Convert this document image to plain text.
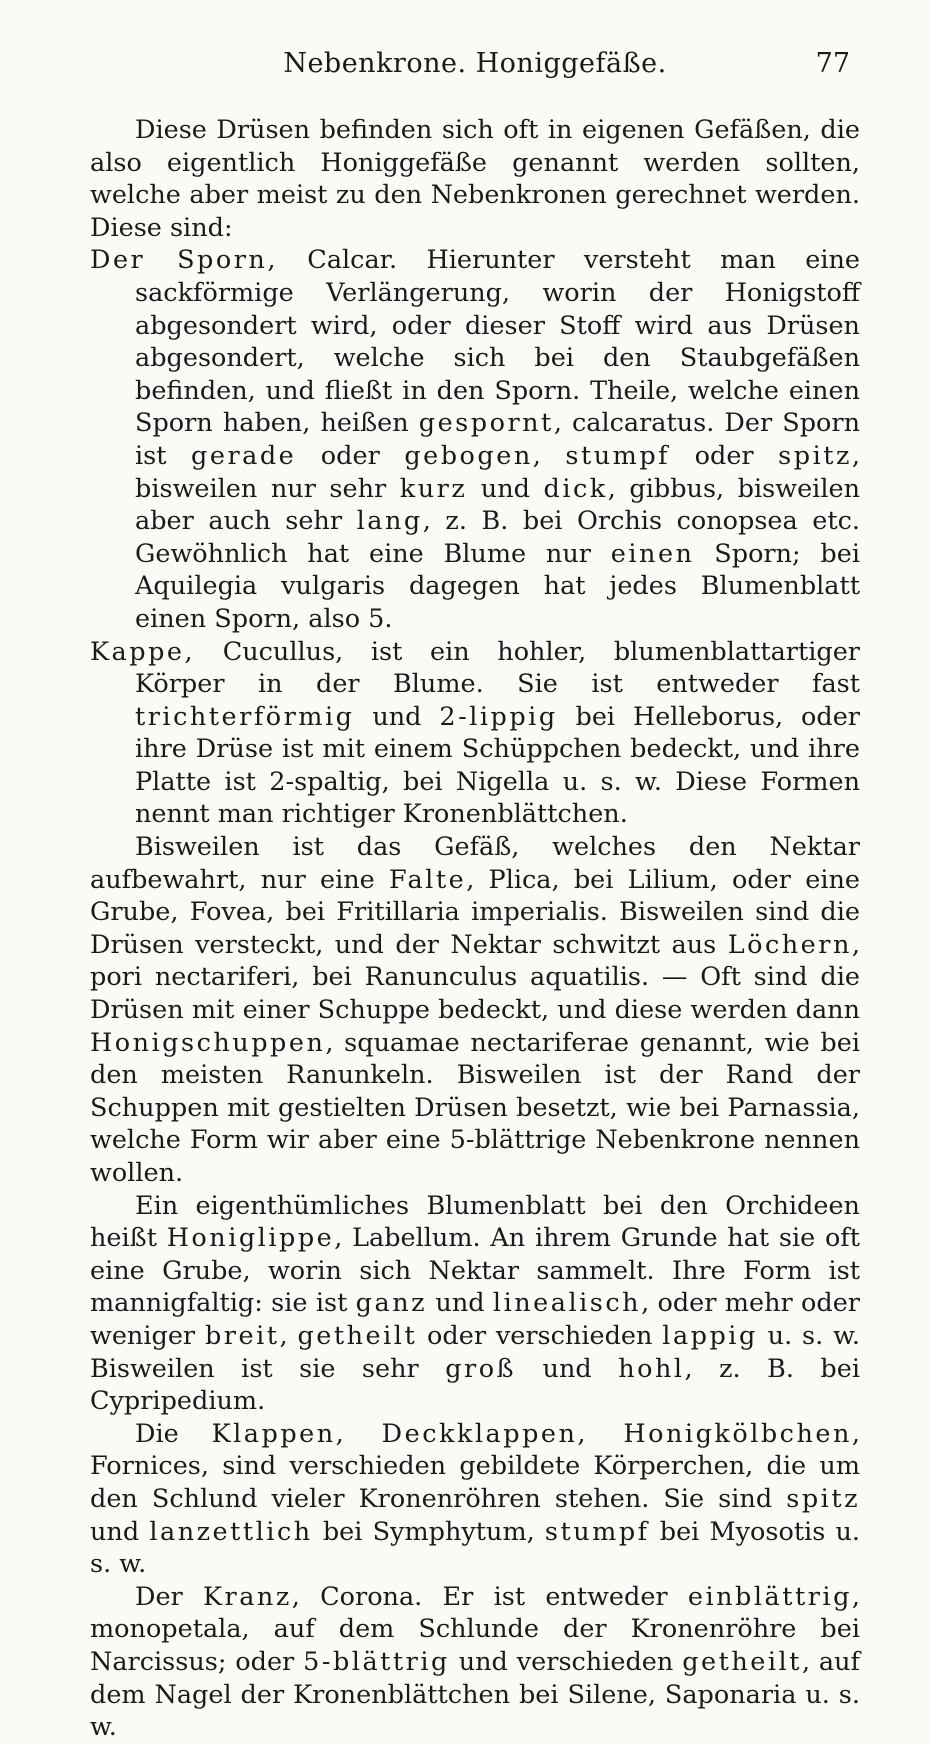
Nebenkrone. Honiggefäße.	77

Diese Drüsen befinden sich oft in eigenen Gefäßen, die also eigentlich Honiggefäße genannt werden sollten, welche aber meist zu den Nebenkronen gerechnet werden. Diese sind:

Der Sporn, Calcar. Hierunter versteht man eine sackförmige Verlängerung, worin der Honigstoff abgesondert wird, oder dieser Stoff wird aus Drüsen abgesondert, welche sich bei den Staubgefäßen befinden, und fließt in den Sporn. Theile, welche einen Sporn haben, heißen gespornt, calcaratus. Der Sporn ist gerade oder gebogen, stumpf oder spitz, bisweilen nur sehr kurz und dick, gibbus, bisweilen aber auch sehr lang, z. B. bei Orchis conopsea etc. Gewöhnlich hat eine Blume nur einen Sporn; bei Aquilegia vulgaris dagegen hat jedes Blumenblatt einen Sporn, also 5.

Kappe, Cucullus, ist ein hohler, blumenblattartiger Körper in der Blume. Sie ist entweder fast trichterförmig und 2-lippig bei Helleborus, oder ihre Drüse ist mit einem Schüppchen bedeckt, und ihre Platte ist 2-spaltig, bei Nigella u. s. w. Diese Formen nennt man richtiger Kronenblättchen.

Bisweilen ist das Gefäß, welches den Nektar aufbewahrt, nur eine Falte, Plica, bei Lilium, oder eine Grube, Fovea, bei Fritillaria imperialis. Bisweilen sind die Drüsen versteckt, und der Nektar schwitzt aus Löchern, pori nectariferi, bei Ranunculus aquatilis. — Oft sind die Drüsen mit einer Schuppe bedeckt, und diese werden dann Honigschuppen, squamae nectariferae genannt, wie bei den meisten Ranunkeln. Bisweilen ist der Rand der Schuppen mit gestielten Drüsen besetzt, wie bei Parnassia, welche Form wir aber eine 5-blättrige Nebenkrone nennen wollen.

Ein eigenthümliches Blumenblatt bei den Orchideen heißt Honiglippe, Labellum. An ihrem Grunde hat sie oft eine Grube, worin sich Nektar sammelt. Ihre Form ist mannigfaltig: sie ist ganz und linealisch, oder mehr oder weniger breit, getheilt oder verschieden lappig u. s. w. Bisweilen ist sie sehr groß und hohl, z. B. bei Cypripedium.

Die Klappen, Deckklappen, Honigkölbchen, Fornices, sind verschieden gebildete Körperchen, die um den Schlund vieler Kronenröhren stehen. Sie sind spitz und lanzettlich bei Symphytum, stumpf bei Myosotis u. s. w.

Der Kranz, Corona. Er ist entweder einblättrig, monopetala, auf dem Schlunde der Kronenröhre bei Narcissus; oder 5-blättrig und verschieden getheilt, auf dem Nagel der Kronenblättchen bei Silene, Saponaria u. s. w.
